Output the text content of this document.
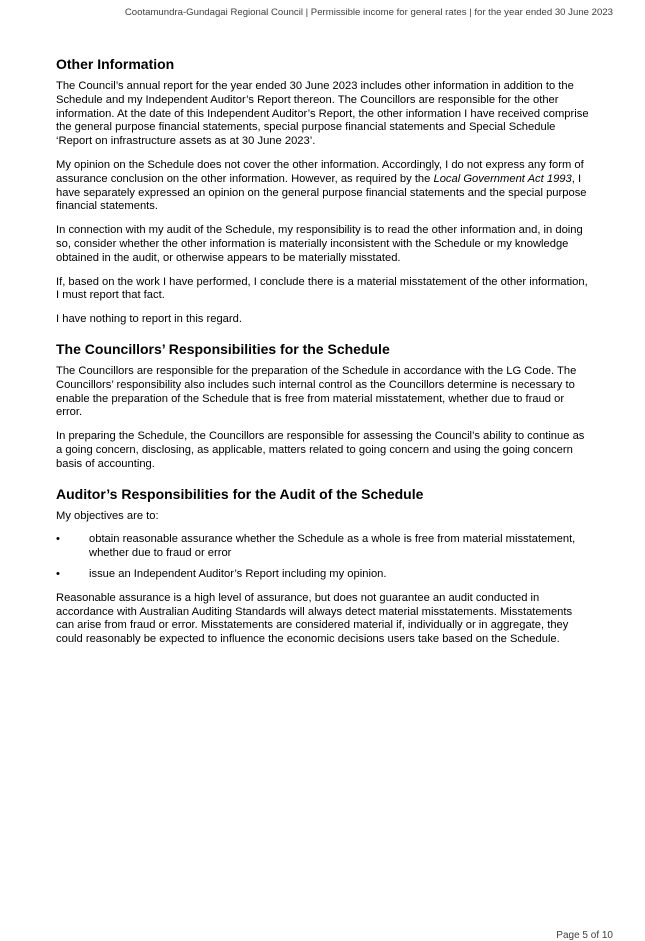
Cootamundra-Gundagai Regional Council | Permissible income for general rates | for the year ended 30 June 2023
Other Information

The Council’s annual report for the year ended 30 June 2023 includes other information in addition to the Schedule and my Independent Auditor’s Report thereon. The Councillors are responsible for the other information. At the date of this Independent Auditor’s Report, the other information I have received comprise the general purpose financial statements, special purpose financial statements and Special Schedule ‘Report on infrastructure assets as at 30 June 2023’.

My opinion on the Schedule does not cover the other information. Accordingly, I do not express any form of assurance conclusion on the other information. However, as required by the Local Government Act 1993, I have separately expressed an opinion on the general purpose financial statements and the special purpose financial statements.

In connection with my audit of the Schedule, my responsibility is to read the other information and, in doing so, consider whether the other information is materially inconsistent with the Schedule or my knowledge obtained in the audit, or otherwise appears to be materially misstated.

If, based on the work I have performed, I conclude there is a material misstatement of the other information, I must report that fact.

I have nothing to report in this regard.

The Councillors’ Responsibilities for the Schedule

The Councillors are responsible for the preparation of the Schedule in accordance with the LG Code. The Councillors’ responsibility also includes such internal control as the Councillors determine is necessary to enable the preparation of the Schedule that is free from material misstatement, whether due to fraud or error.

In preparing the Schedule, the Councillors are responsible for assessing the Council’s ability to continue as a going concern, disclosing, as applicable, matters related to going concern and using the going concern basis of accounting.

Auditor’s Responsibilities for the Audit of the Schedule

My objectives are to:

•	obtain reasonable assurance whether the Schedule as a whole is free from material misstatement, whether due to fraud or error
•	issue an Independent Auditor’s Report including my opinion.

Reasonable assurance is a high level of assurance, but does not guarantee an audit conducted in accordance with Australian Auditing Standards will always detect material misstatements. Misstatements can arise from fraud or error. Misstatements are considered material if, individually or in aggregate, they could reasonably be expected to influence the economic decisions users take based on the Schedule.

Page 5 of 10
